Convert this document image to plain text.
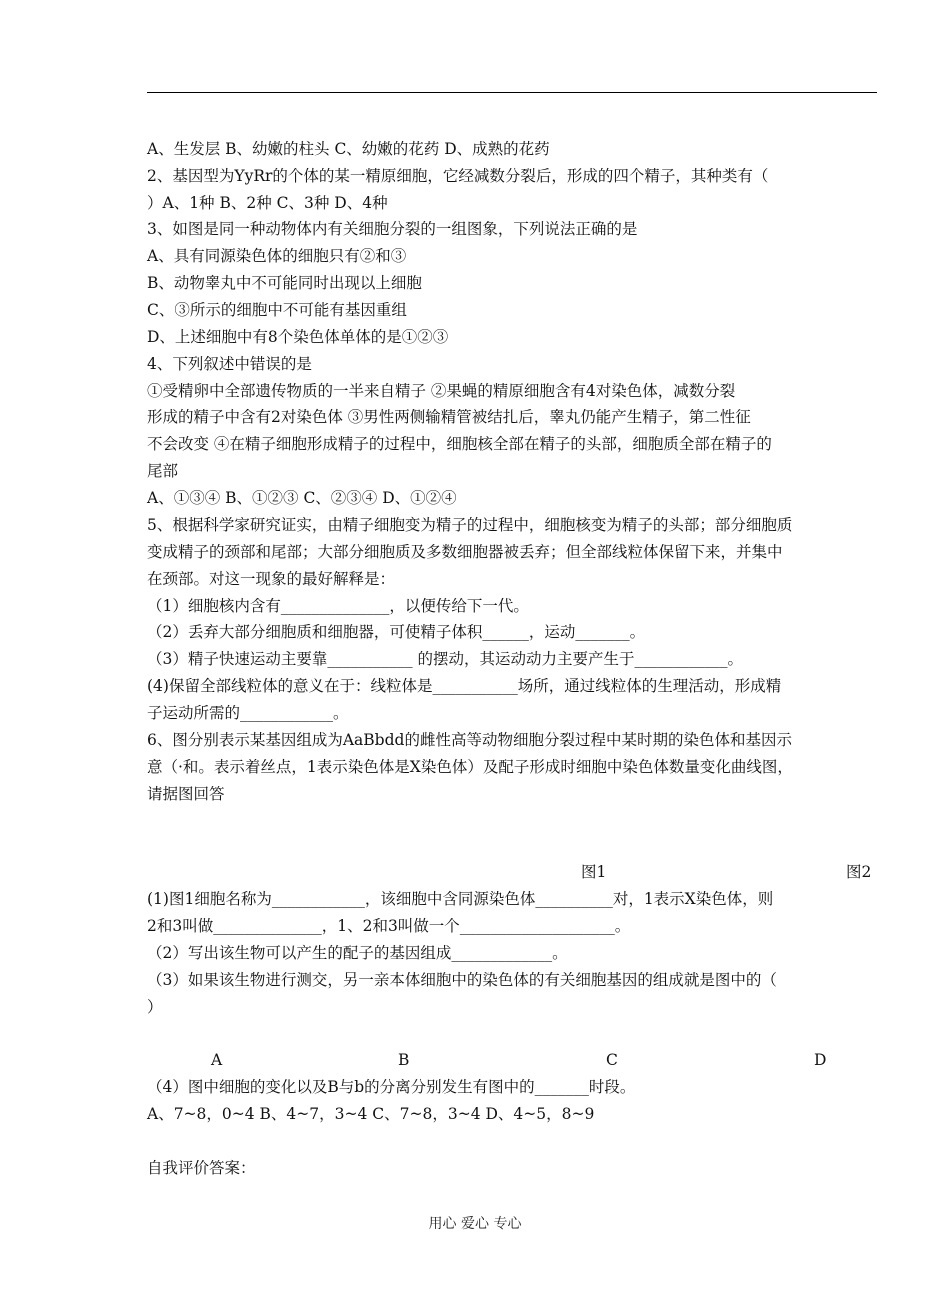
A、生发层 B、幼嫩的柱头 C、幼嫩的花药 D、成熟的花药
2、基因型为YyRr的个体的某一精原细胞，它经减数分裂后，形成的四个精子，其种类有（
）A、1种 B、2种 C、3种 D、4种
3、如图是同一种动物体内有关细胞分裂的一组图象，下列说法正确的是
A、具有同源染色体的细胞只有②和③
B、动物睾丸中不可能同时出现以上细胞
C、③所示的细胞中不可能有基因重组
D、上述细胞中有8个染色体单体的是①②③
4、下列叙述中错误的是
①受精卵中全部遗传物质的一半来自精子 ②果蝇的精原细胞含有4对染色体，减数分裂
形成的精子中含有2对染色体 ③男性两侧输精管被结扎后，睾丸仍能产生精子，第二性征
不会改变 ④在精子细胞形成精子的过程中，细胞核全部在精子的头部，细胞质全部在精子的
尾部
A、①③④ B、①②③ C、②③④ D、①②④
5、根据科学家研究证实，由精子细胞变为精子的过程中，细胞核变为精子的头部；部分细胞质
变成精子的颈部和尾部；大部分细胞质及多数细胞器被丢弃；但全部线粒体保留下来，并集中
在颈部。对这一现象的最好解释是：
（1）细胞核内含有______________，以便传给下一代。
（2）丢弃大部分细胞质和细胞器，可使精子体积______，运动_______。
（3）精子快速运动主要靠___________ 的摆动，其运动动力主要产生于____________。
(4)保留全部线粒体的意义在于：线粒体是___________场所，通过线粒体的生理活动，形成精
子运动所需的____________。
6、图分别表示某基因组成为AaBbdd的雌性高等动物细胞分裂过程中某时期的染色体和基因示
意（·和。表示着丝点，1表示染色体是X染色体）及配子形成时细胞中染色体数量变化曲线图，
请据图回答
图1	图2
(1)图1细胞名称为____________，该细胞中含同源染色体__________对，1表示X染色体，则
2和3叫做______________，1、2和3叫做一个____________________。
（2）写出该生物可以产生的配子的基因组成_____________。
（3）如果该生物进行测交，另一亲本体细胞中的染色体的有关细胞基因的组成就是图中的（
）
A	B	C	D
（4）图中细胞的变化以及B与b的分离分别发生有图中的_______时段。
A、7~8，0~4 B、4~7，3~4 C、7~8，3~4 D、4~5，8~9
自我评价答案：
用心 爱心 专心
